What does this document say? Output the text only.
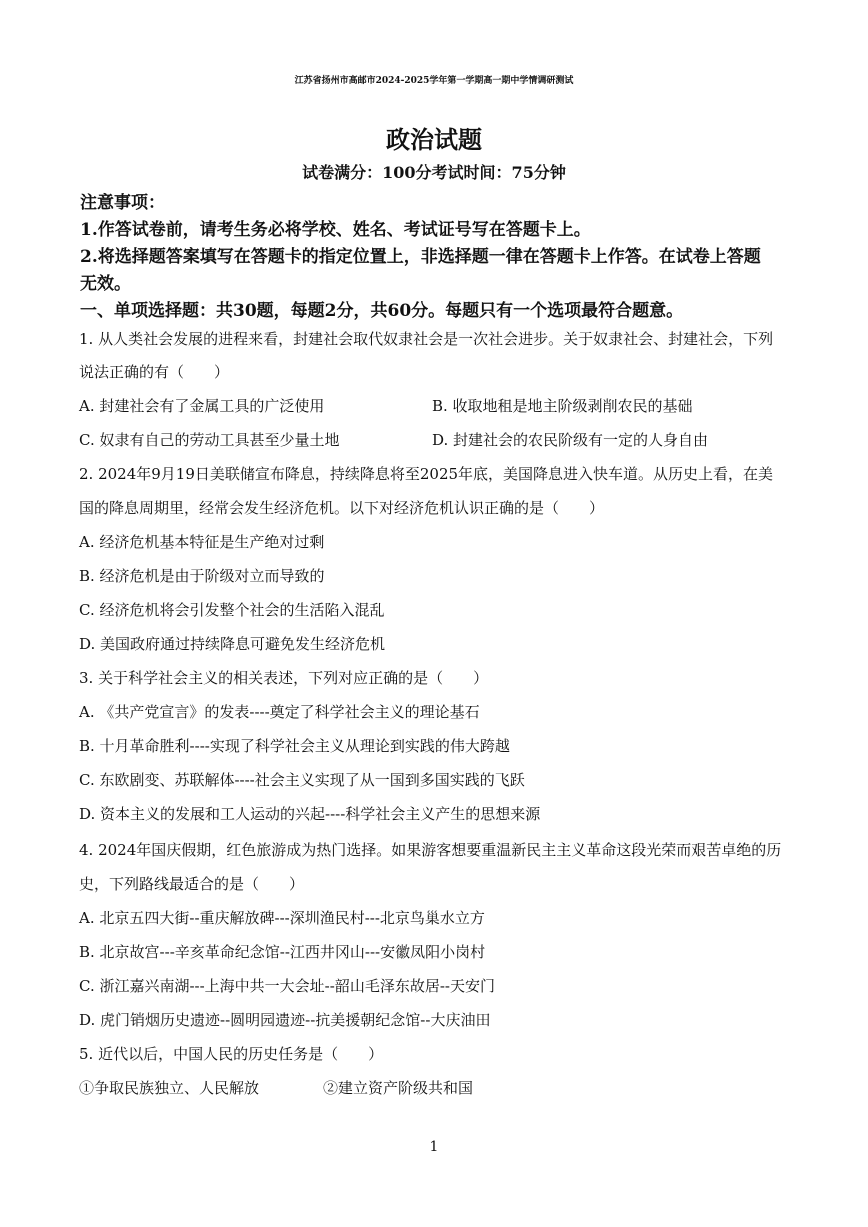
江苏省扬州市高邮市2024-2025学年第一学期高一期中学情调研测试
政治试题
试卷满分：100分考试时间：75分钟
注意事项：
1.作答试卷前，请考生务必将学校、姓名、考试证号写在答题卡上。
2.将选择题答案填写在答题卡的指定位置上，非选择题一律在答题卡上作答。在试卷上答题
无效。
一、单项选择题：共30题，每题2分，共60分。每题只有一个选项最符合题意。
1. 从人类社会发展的进程来看，封建社会取代奴隶社会是一次社会进步。关于奴隶社会、封建社会，下列
说法正确的有（　　）
A. 封建社会有了金属工具的广泛使用	B. 收取地租是地主阶级剥削农民的基础
C. 奴隶有自己的劳动工具甚至少量土地	D. 封建社会的农民阶级有一定的人身自由
2. 2024年9月19日美联储宣布降息，持续降息将至2025年底，美国降息进入快车道。从历史上看，在美
国的降息周期里，经常会发生经济危机。以下对经济危机认识正确的是（　　）
A. 经济危机基本特征是生产绝对过剩
B. 经济危机是由于阶级对立而导致的
C. 经济危机将会引发整个社会的生活陷入混乱
D. 美国政府通过持续降息可避免发生经济危机
3. 关于科学社会主义的相关表述，下列对应正确的是（　　）
A. 《共产党宣言》的发表----奠定了科学社会主义的理论基石
B. 十月革命胜利----实现了科学社会主义从理论到实践的伟大跨越
C. 东欧剧变、苏联解体----社会主义实现了从一国到多国实践的飞跃
D. 资本主义的发展和工人运动的兴起----科学社会主义产生的思想来源
4. 2024年国庆假期，红色旅游成为热门选择。如果游客想要重温新民主主义革命这段光荣而艰苦卓绝的历
史，下列路线最适合的是（　　）
A. 北京五四大街--重庆解放碑---深圳渔民村---北京鸟巢水立方
B. 北京故宫---辛亥革命纪念馆--江西井冈山---安徽凤阳小岗村
C. 浙江嘉兴南湖---上海中共一大会址--韶山毛泽东故居--天安门
D. 虎门销烟历史遗迹--圆明园遗迹--抗美援朝纪念馆--大庆油田
5. 近代以后，中国人民的历史任务是（　　）
①争取民族独立、人民解放	②建立资产阶级共和国
1
